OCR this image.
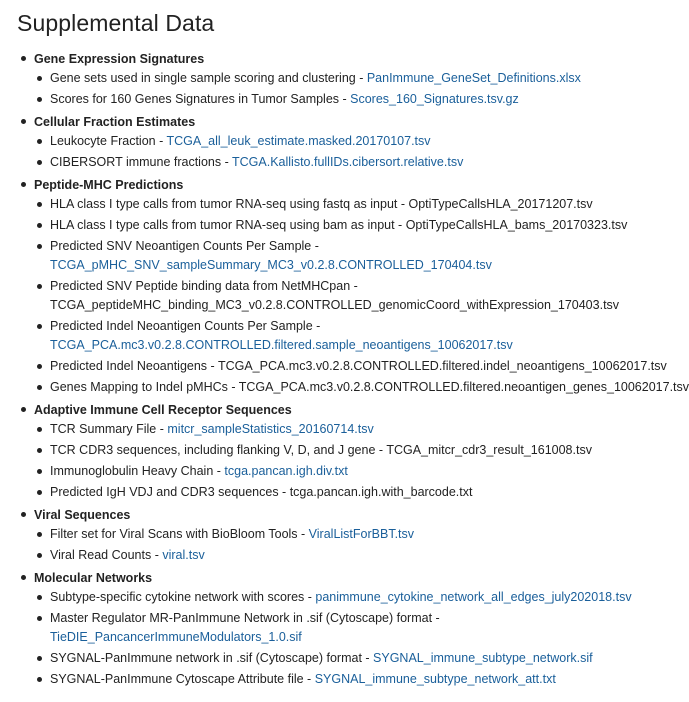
Supplemental Data
Gene Expression Signatures
Gene sets used in single sample scoring and clustering - PanImmune_GeneSet_Definitions.xlsx
Scores for 160 Genes Signatures in Tumor Samples - Scores_160_Signatures.tsv.gz
Cellular Fraction Estimates
Leukocyte Fraction - TCGA_all_leuk_estimate.masked.20170107.tsv
CIBERSORT immune fractions - TCGA.Kallisto.fullIDs.cibersort.relative.tsv
Peptide-MHC Predictions
HLA class I type calls from tumor RNA-seq using fastq as input - OptiTypeCallsHLA_20171207.tsv
HLA class I type calls from tumor RNA-seq using bam as input - OptiTypeCallsHLA_bams_20170323.tsv
Predicted SNV Neoantigen Counts Per Sample - TCGA_pMHC_SNV_sampleSummary_MC3_v0.2.8.CONTROLLED_170404.tsv
Predicted SNV Peptide binding data from NetMHCpan - TCGA_peptideMHC_binding_MC3_v0.2.8.CONTROLLED_genomicCoord_withExpression_170403.tsv
Predicted Indel Neoantigen Counts Per Sample - TCGA_PCA.mc3.v0.2.8.CONTROLLED.filtered.sample_neoantigens_10062017.tsv
Predicted Indel Neoantigens - TCGA_PCA.mc3.v0.2.8.CONTROLLED.filtered.indel_neoantigens_10062017.tsv
Genes Mapping to Indel pMHCs - TCGA_PCA.mc3.v0.2.8.CONTROLLED.filtered.neoantigen_genes_10062017.tsv
Adaptive Immune Cell Receptor Sequences
TCR Summary File - mitcr_sampleStatistics_20160714.tsv
TCR CDR3 sequences, including flanking V, D, and J gene - TCGA_mitcr_cdr3_result_161008.tsv
Immunoglobulin Heavy Chain - tcga.pancan.igh.div.txt
Predicted IgH VDJ and CDR3 sequences - tcga.pancan.igh.with_barcode.txt
Viral Sequences
Filter set for Viral Scans with BioBloom Tools - ViralListForBBT.tsv
Viral Read Counts - viral.tsv
Molecular Networks
Subtype-specific cytokine network with scores - panimmune_cytokine_network_all_edges_july202018.tsv
Master Regulator MR-PanImmune Network in .sif (Cytoscape) format - TieDIE_PancancerImmuneModulators_1.0.sif
SYGNAL-PanImmune network in .sif (Cytoscape) format - SYGNAL_immune_subtype_network.sif
SYGNAL-PanImmune Cytoscape Attribute file - SYGNAL_immune_subtype_network_att.txt
